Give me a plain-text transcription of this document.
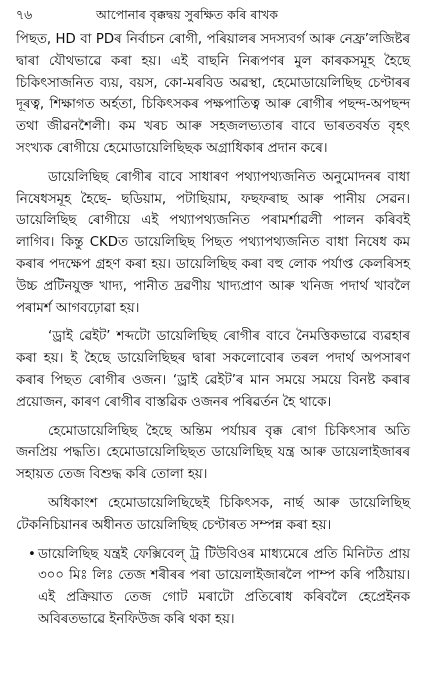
৭৬	আপোনাৰ বৃক্কদ্বয় সুৰক্ষিত কৰি ৰাখক

পিছত, HD বা PDৰ নিৰ্বাচন ৰোগী, পৰিয়ালৰ সদস্যবৰ্গ আৰু নেফ্ৰ’লজিষ্টৰ দ্বাৰা যৌথভাৱে কৰা হয়। এই বাছনি নিৰূপণৰ মুল কাৰকসমূহ হৈছে চিকিৎসাজনিত ব্যয়, বয়স, কো-মৰবিড অৱস্থা, হেমোডায়েলিছিছ চেণ্টাৰৰ দূৰত্ব, শিক্ষাগত অৰ্হতা, চিকিৎসকৰ পক্ষপাতিত্ব আৰু ৰোগীৰ পছন্দ-অপছন্দ তথা জীৱনশৈলী। কম খৰচ আৰু সহজলভ্যতাৰ বাবে ভাৰতবৰ্ষত বৃহৎ সংখ্যক ৰোগীয়ে হেমোডায়েলিছিছক অগ্ৰাধিকাৰ প্ৰদান কৰে।

ডায়েলিছিছ ৰোগীৰ বাবে সাধাৰণ পথ্যাপথ্যজনিত অনুমোদনৰ বাধা নিষেধসমূহ হৈছে- ছডিয়াম, পটাছিয়াম, ফছফৰাছ আৰু পানীয় সেৱন। ডায়েলিছিছ ৰোগীয়ে এই পথ্যাপথ্যজনিত পৰামৰ্শাৱলী পালন কৰিবই লাগিব। কিন্তু CKDত ডায়েলিছিছ পিছত পথ্যাপথ্যজনিত বাধা নিষেধ কম কৰাৰ পদক্ষেপ গ্ৰহণ কৰা হয়। ডায়েলিছিছ কৰা বহু লোক পৰ্যাপ্ত কেলৰিসহ উচ্চ প্ৰটিনযুক্ত খাদ্য, পানীত দ্ৰৱণীয় খাদ্যপ্ৰাণ আৰু খনিজ পদাৰ্থ খাবলৈ পৰামৰ্শ আগবঢ়োৱা হয়।

‘ড্ৰাই ৱেইট’ শব্দটো ডায়েলিছিছ ৰোগীৰ বাবে নৈমত্তিকভাৱে ব্যৱহাৰ কৰা হয়। ই হৈছে ডায়েলিছিছৰ দ্বাৰা সকলোবোৰ তৰল পদাৰ্থ অপসাৰণ কৰাৰ পিছত ৰোগীৰ ওজন। ‘ড্ৰাই ৱেইট’ৰ মান সময়ে সময়ে বিনষ্ট কৰাৰ প্ৰয়োজন, কাৰণ ৰোগীৰ বাস্তৱিক ওজনৰ পৰিৱৰ্তন হৈ থাকে।

হেমোডায়েলিছিছ হৈছে অন্তিম পৰ্যায়ৰ বৃক্ক ৰোগ চিকিৎসাৰ অতি জনপ্ৰিয় পদ্ধতি। হেমোডায়েলিছিছত ডায়েলিছিছ যন্ত্ৰ আৰু ডায়েলাইজাৰৰ সহায়ত তেজ বিশুদ্ধ কৰি তোলা হয়।

অধিকাংশ হেমোডায়েলিছিছেই চিকিৎসক, নাৰ্ছ আৰু ডায়েলিছিছ টেকনিচিয়ানৰ অধীনত ডায়েলিছিছ চেণ্টাৰত সম্পন্ন কৰা হয়।

• ডায়েলিছিছ যন্ত্ৰই ফেক্সিবেল্‌ ট্ৰ টিউবিওৰ মাধ্যমেৰে প্ৰতি মিনিটত প্ৰায় ৩০০ মিঃ লিঃ তেজ শৰীৰৰ পৰা ডায়েলাইজাৰলৈ পাম্প কৰি পঠিয়ায়। এই প্ৰক্ৰিয়াত তেজ গোট মৰাটো প্ৰতিৰোধ কৰিবলৈ হেপ্ৰেইনক অবিৰতভাৱে ইনফিউজ কৰি থকা হয়।
